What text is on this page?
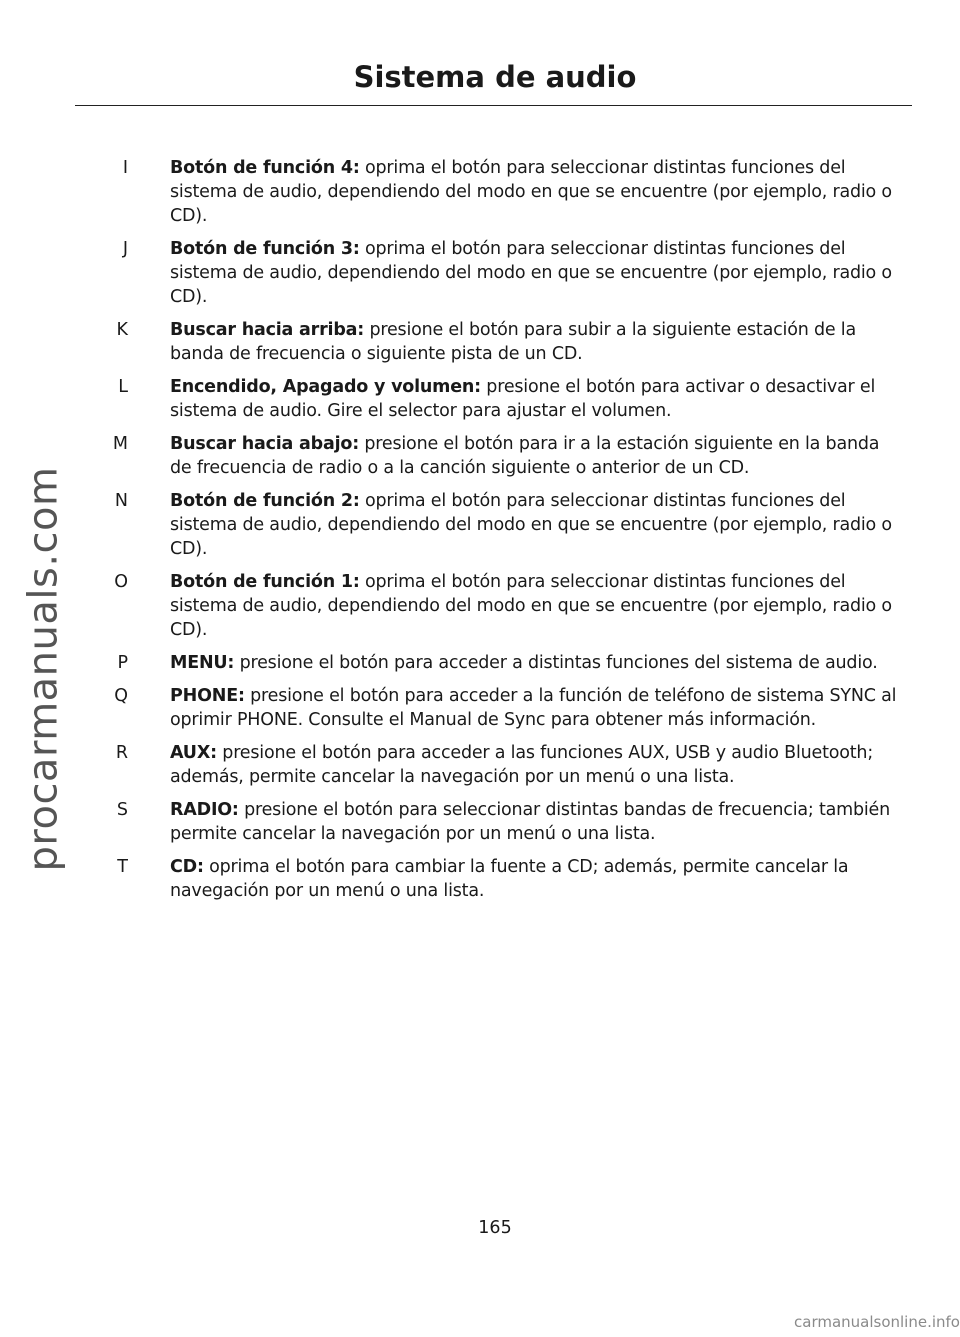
procarmanuals.com
Sistema de audio
I Botón de función 4: oprima el botón para seleccionar distintas funciones del sistema de audio, dependiendo del modo en que se encuentre (por ejemplo, radio o CD).
J Botón de función 3: oprima el botón para seleccionar distintas funciones del sistema de audio, dependiendo del modo en que se encuentre (por ejemplo, radio o CD).
K Buscar hacia arriba: presione el botón para subir a la siguiente estación de la banda de frecuencia o siguiente pista de un CD.
L Encendido, Apagado y volumen: presione el botón para activar o desactivar el sistema de audio. Gire el selector para ajustar el volumen.
M Buscar hacia abajo: presione el botón para ir a la estación siguiente en la banda de frecuencia de radio o a la canción siguiente o anterior de un CD.
N Botón de función 2: oprima el botón para seleccionar distintas funciones del sistema de audio, dependiendo del modo en que se encuentre (por ejemplo, radio o CD).
O Botón de función 1: oprima el botón para seleccionar distintas funciones del sistema de audio, dependiendo del modo en que se encuentre (por ejemplo, radio o CD).
P MENU: presione el botón para acceder a distintas funciones del sistema de audio.
Q PHONE: presione el botón para acceder a la función de teléfono de sistema SYNC al oprimir PHONE. Consulte el Manual de Sync para obtener más información.
R AUX: presione el botón para acceder a las funciones AUX, USB y audio Bluetooth; además, permite cancelar la navegación por un menú o una lista.
S RADIO: presione el botón para seleccionar distintas bandas de frecuencia; también permite cancelar la navegación por un menú o una lista.
T CD: oprima el botón para cambiar la fuente a CD; además, permite cancelar la navegación por un menú o una lista.
165
carmanualsonline.info
